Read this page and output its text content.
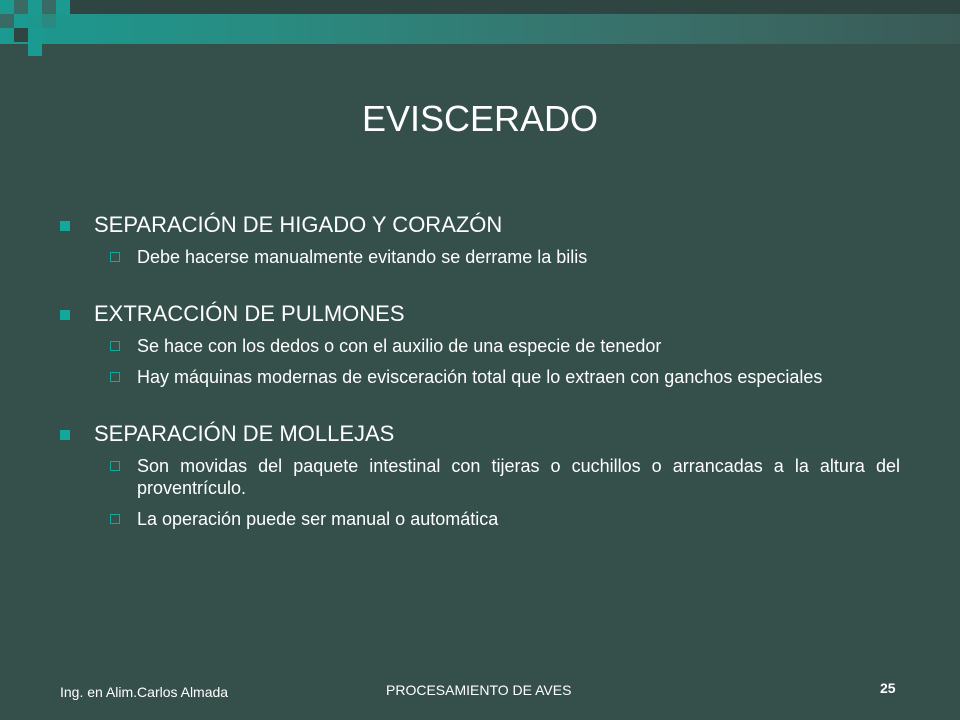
EVISCERADO
SEPARACIÓN DE HIGADO Y CORAZÓN
Debe hacerse manualmente evitando se derrame la bilis
EXTRACCIÓN DE PULMONES
Se hace con los dedos o con el auxilio de una especie de tenedor
Hay máquinas modernas de evisceración total que lo extraen con ganchos especiales
SEPARACIÓN DE MOLLEJAS
Son movidas del paquete intestinal con tijeras o cuchillos o arrancadas a la altura del proventrículo.
La operación puede ser manual o automática
Ing. en Alim.Carlos Almada	PROCESAMIENTO DE AVES	25
